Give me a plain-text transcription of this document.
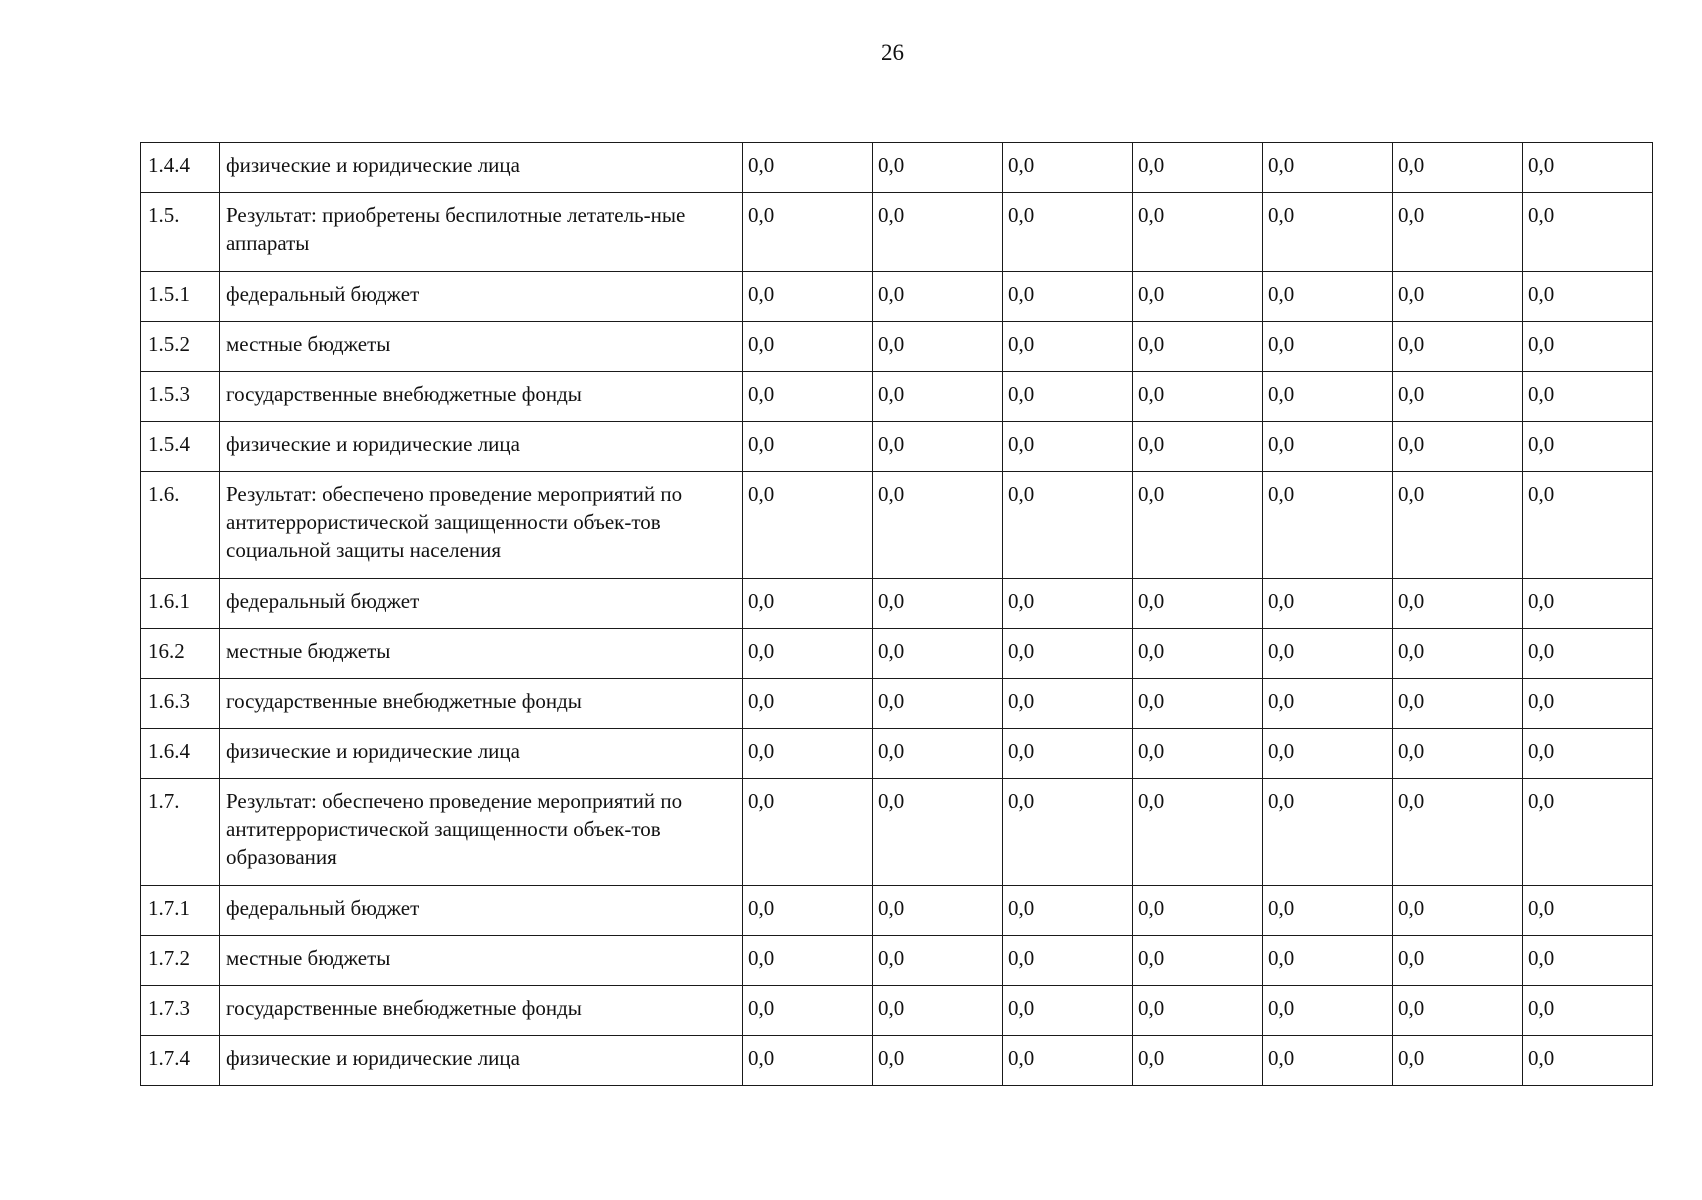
26
1.4.4	физические и юридические лица	0,0	0,0	0,0	0,0	0,0	0,0	0,0
1.5.	Результат: приобретены беспилотные летатель-ные аппараты	0,0	0,0	0,0	0,0	0,0	0,0	0,0
1.5.1	федеральный бюджет	0,0	0,0	0,0	0,0	0,0	0,0	0,0
1.5.2	местные бюджеты	0,0	0,0	0,0	0,0	0,0	0,0	0,0
1.5.3	государственные внебюджетные фонды	0,0	0,0	0,0	0,0	0,0	0,0	0,0
1.5.4	физические и юридические лица	0,0	0,0	0,0	0,0	0,0	0,0	0,0
1.6.	Результат: обеспечено проведение мероприятий по антитеррористической защищенности объек-тов социальной защиты населения	0,0	0,0	0,0	0,0	0,0	0,0	0,0
1.6.1	федеральный бюджет	0,0	0,0	0,0	0,0	0,0	0,0	0,0
16.2	местные бюджеты	0,0	0,0	0,0	0,0	0,0	0,0	0,0
1.6.3	государственные внебюджетные фонды	0,0	0,0	0,0	0,0	0,0	0,0	0,0
1.6.4	физические и юридические лица	0,0	0,0	0,0	0,0	0,0	0,0	0,0
1.7.	Результат: обеспечено проведение мероприятий по антитеррористической защищенности объек-тов образования	0,0	0,0	0,0	0,0	0,0	0,0	0,0
1.7.1	федеральный бюджет	0,0	0,0	0,0	0,0	0,0	0,0	0,0
1.7.2	местные бюджеты	0,0	0,0	0,0	0,0	0,0	0,0	0,0
1.7.3	государственные внебюджетные фонды	0,0	0,0	0,0	0,0	0,0	0,0	0,0
1.7.4	физические и юридические лица	0,0	0,0	0,0	0,0	0,0	0,0	0,0
